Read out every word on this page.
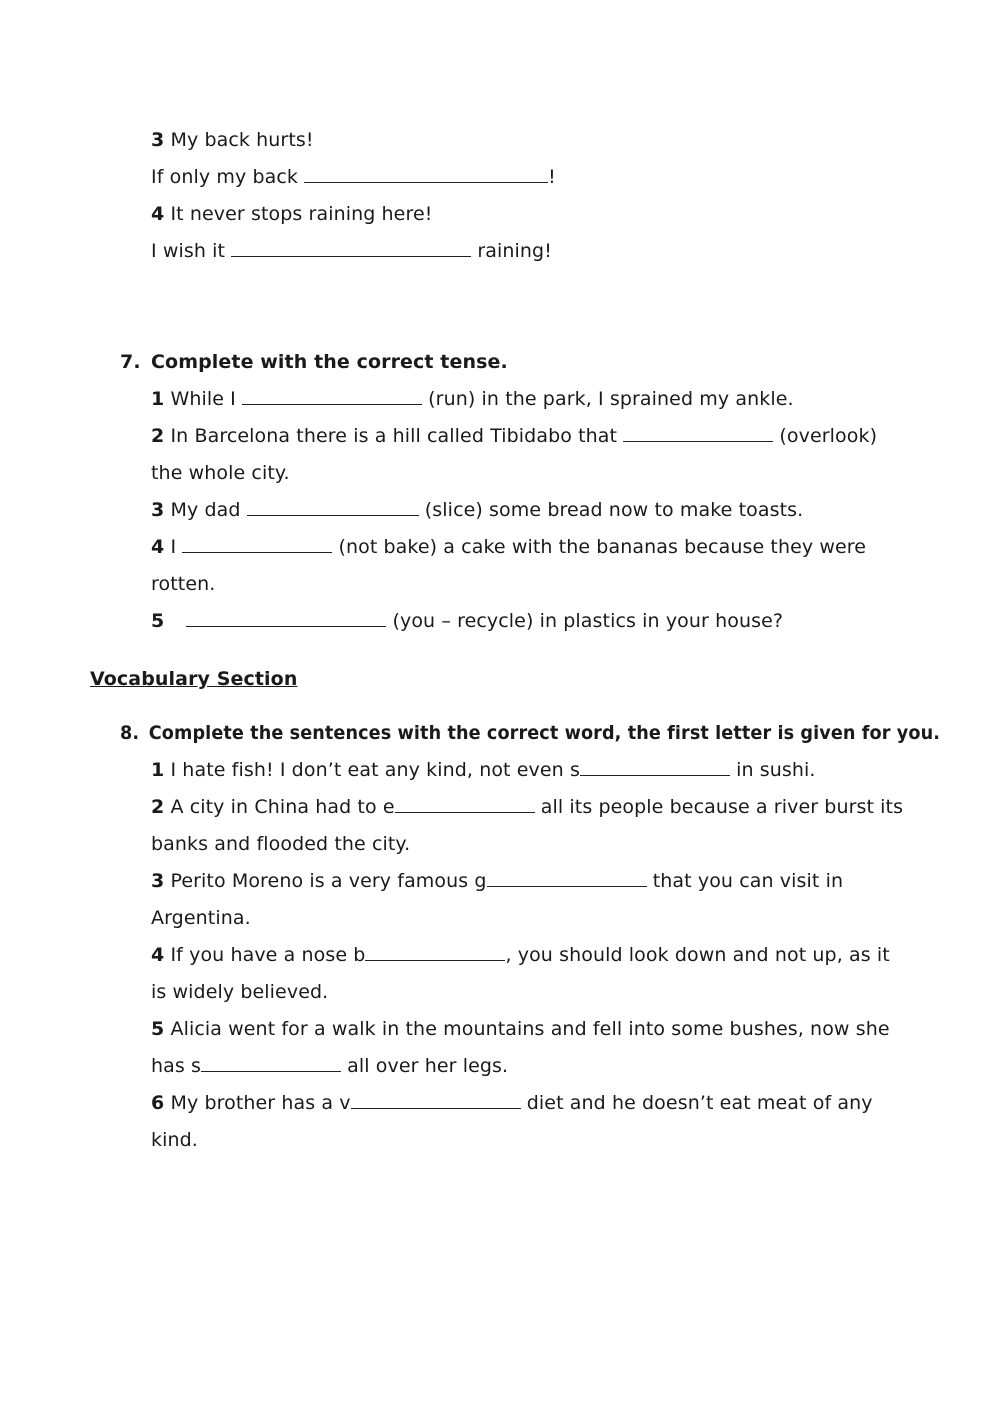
3 My back hurts!
If only my back	!
4 It never stops raining here!
I wish it	raining!
7. Complete with the correct tense.
1 While I	(run) in the park, I sprained my ankle.
2 In Barcelona there is a hill called Tibidabo that	(overlook)
the whole city.
3 My dad	(slice) some bread now to make toasts.
4 I	(not bake) a cake with the bananas because they were
rotten.
5	(you – recycle) in plastics in your house?
Vocabulary Section
8. Complete the sentences with the correct word, the first letter is given for you.
1 I hate fish! I don’t eat any kind, not even s	in sushi.
2 A city in China had to e	all its people because a river burst its
banks and flooded the city.
3 Perito Moreno is a very famous g	that you can visit in
Argentina.
4 If you have a nose b	, you should look down and not up, as it
is widely believed.
5 Alicia went for a walk in the mountains and fell into some bushes, now she
has s	all over her legs.
6 My brother has a v	diet and he doesn’t eat meat of any
kind.
